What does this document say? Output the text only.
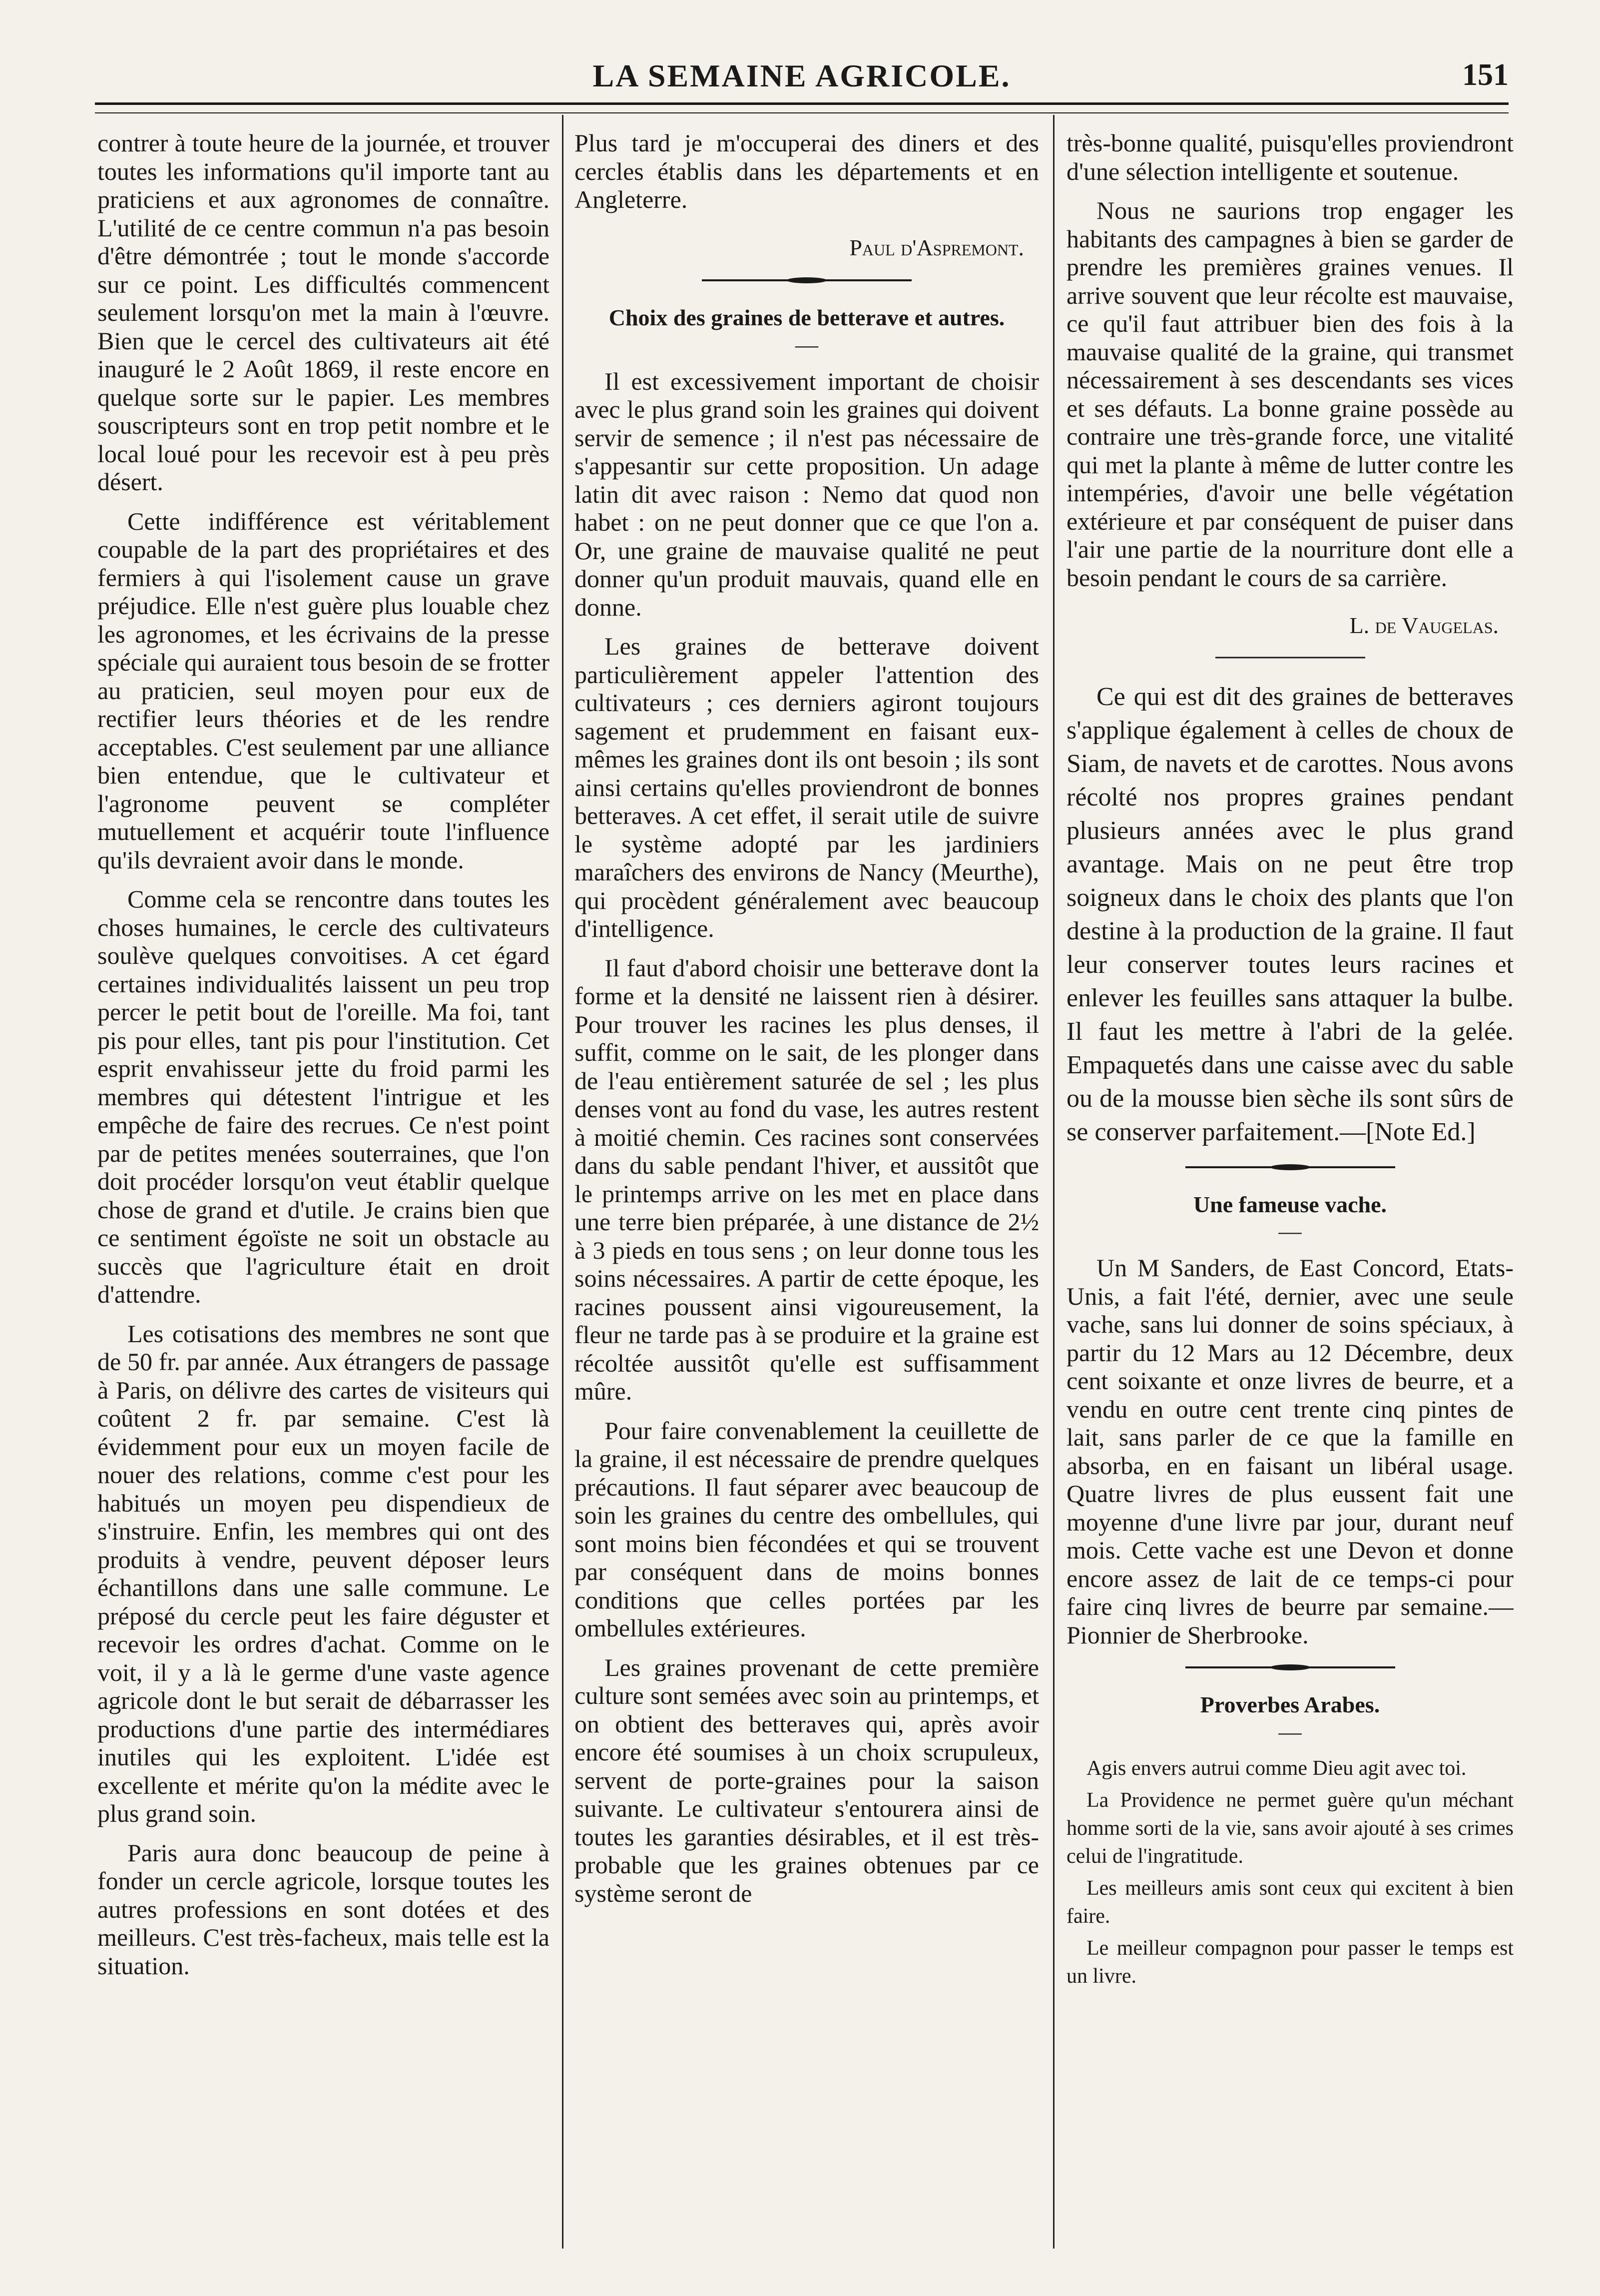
LA SEMAINE AGRICOLE.	151

contrer à toute heure de la journée, et trouver toutes les informations qu'il importe tant au praticiens et aux agronomes de connaître. L'utilité de ce centre commun n'a pas besoin d'être démontrée ; tout le monde s'accorde sur ce point. Les difficultés commencent seulement lorsqu'on met la main à l'œuvre. Bien que le cercel des cultivateurs ait été inauguré le 2 Août 1869, il reste encore en quelque sorte sur le papier. Les membres souscripteurs sont en trop petit nombre et le local loué pour les recevoir est à peu près désert.

Cette indifférence est véritablement coupable de la part des propriétaires et des fermiers à qui l'isolement cause un grave préjudice. Elle n'est guère plus louable chez les agronomes, et les écrivains de la presse spéciale qui auraient tous besoin de se frotter au praticien, seul moyen pour eux de rectifier leurs théories et de les rendre acceptables. C'est seulement par une alliance bien entendue, que le cultivateur et l'agronome peuvent se compléter mutuellement et acquérir toute l'influence qu'ils devraient avoir dans le monde.

Comme cela se rencontre dans toutes les choses humaines, le cercle des cultivateurs soulève quelques convoitises. A cet égard certaines individualités laissent un peu trop percer le petit bout de l'oreille. Ma foi, tant pis pour elles, tant pis pour l'institution. Cet esprit envahisseur jette du froid parmi les membres qui détestent l'intrigue et les empêche de faire des recrues. Ce n'est point par de petites menées souterraines, que l'on doit procéder lorsqu'on veut établir quelque chose de grand et d'utile. Je crains bien que ce sentiment égoïste ne soit un obstacle au succès que l'agriculture était en droit d'attendre.

Les cotisations des membres ne sont que de 50 fr. par année. Aux étrangers de passage à Paris, on délivre des cartes de visiteurs qui coûtent 2 fr. par semaine. C'est là évidemment pour eux un moyen facile de nouer des relations, comme c'est pour les habitués un moyen peu dispendieux de s'instruire. Enfin, les membres qui ont des produits à vendre, peuvent déposer leurs échantillons dans une salle commune. Le préposé du cercle peut les faire déguster et recevoir les ordres d'achat. Comme on le voit, il y a là le germe d'une vaste agence agricole dont le but serait de débarrasser les productions d'une partie des intermédiares inutiles qui les exploitent. L'idée est excellente et mérite qu'on la médite avec le plus grand soin.

Paris aura donc beaucoup de peine à fonder un cercle agricole, lorsque toutes les autres professions en sont dotées et des meilleurs. C'est très-facheux, mais telle est la situation.

Plus tard je m'occuperai des diners et des cercles établis dans les départements et en Angleterre.

Paul d'Aspremont.

Choix des graines de betterave et autres.

—

Il est excessivement important de choisir avec le plus grand soin les graines qui doivent servir de semence ; il n'est pas nécessaire de s'appesantir sur cette proposition. Un adage latin dit avec raison : Nemo dat quod non habet : on ne peut donner que ce que l'on a. Or, une graine de mauvaise qualité ne peut donner qu'un produit mauvais, quand elle en donne.

Les graines de betterave doivent particulièrement appeler l'attention des cultivateurs ; ces derniers agiront toujours sagement et prudemment en faisant eux-mêmes les graines dont ils ont besoin ; ils sont ainsi certains qu'elles proviendront de bonnes betteraves. A cet effet, il serait utile de suivre le système adopté par les jardiniers maraîchers des environs de Nancy (Meurthe), qui procèdent généralement avec beaucoup d'intelligence.

Il faut d'abord choisir une betterave dont la forme et la densité ne laissent rien à désirer. Pour trouver les racines les plus denses, il suffit, comme on le sait, de les plonger dans de l'eau entièrement saturée de sel ; les plus denses vont au fond du vase, les autres restent à moitié chemin. Ces racines sont conservées dans du sable pendant l'hiver, et aussitôt que le printemps arrive on les met en place dans une terre bien préparée, à une distance de 2½ à 3 pieds en tous sens ; on leur donne tous les soins nécessaires. A partir de cette époque, les racines poussent ainsi vigoureusement, la fleur ne tarde pas à se produire et la graine est récoltée aussitôt qu'elle est suffisamment mûre.

Pour faire convenablement la ceuillette de la graine, il est nécessaire de prendre quelques précautions. Il faut séparer avec beaucoup de soin les graines du centre des ombellules, qui sont moins bien fécondées et qui se trouvent par conséquent dans de moins bonnes conditions que celles portées par les ombellules extérieures.

Les graines provenant de cette première culture sont semées avec soin au printemps, et on obtient des betteraves qui, après avoir encore été soumises à un choix scrupuleux, servent de porte-graines pour la saison suivante. Le cultivateur s'entourera ainsi de toutes les garanties désirables, et il est très-probable que les graines obtenues par ce système seront de

très-bonne qualité, puisqu'elles proviendront d'une sélection intelligente et soutenue.

Nous ne saurions trop engager les habitants des campagnes à bien se garder de prendre les premières graines venues. Il arrive souvent que leur récolte est mauvaise, ce qu'il faut attribuer bien des fois à la mauvaise qualité de la graine, qui transmet nécessairement à ses descendants ses vices et ses défauts. La bonne graine possède au contraire une très-grande force, une vitalité qui met la plante à même de lutter contre les intempéries, d'avoir une belle végétation extérieure et par conséquent de puiser dans l'air une partie de la nourriture dont elle a besoin pendant le cours de sa carrière.

L. de Vaugelas.

Ce qui est dit des graines de betteraves s'applique également à celles de choux de Siam, de navets et de carottes. Nous avons récolté nos propres graines pendant plusieurs années avec le plus grand avantage. Mais on ne peut être trop soigneux dans le choix des plants que l'on destine à la production de la graine. Il faut leur conserver toutes leurs racines et enlever les feuilles sans attaquer la bulbe. Il faut les mettre à l'abri de la gelée. Empaquetés dans une caisse avec du sable ou de la mousse bien sèche ils sont sûrs de se conserver parfaitement.—[Note Ed.]

Une fameuse vache.

—

Un M Sanders, de East Concord, Etats-Unis, a fait l'été, dernier, avec une seule vache, sans lui donner de soins spéciaux, à partir du 12 Mars au 12 Décembre, deux cent soixante et onze livres de beurre, et a vendu en outre cent trente cinq pintes de lait, sans parler de ce que la famille en absorba, en en faisant un libéral usage. Quatre livres de plus eussent fait une moyenne d'une livre par jour, durant neuf mois. Cette vache est une Devon et donne encore assez de lait de ce temps-ci pour faire cinq livres de beurre par semaine.—Pionnier de Sherbrooke.

Proverbes Arabes.

—

Agis envers autrui comme Dieu agit avec toi.

La Providence ne permet guère qu'un méchant homme sorti de la vie, sans avoir ajouté à ses crimes celui de l'ingratitude.

Les meilleurs amis sont ceux qui excitent à bien faire.

Le meilleur compagnon pour passer le temps est un livre.
